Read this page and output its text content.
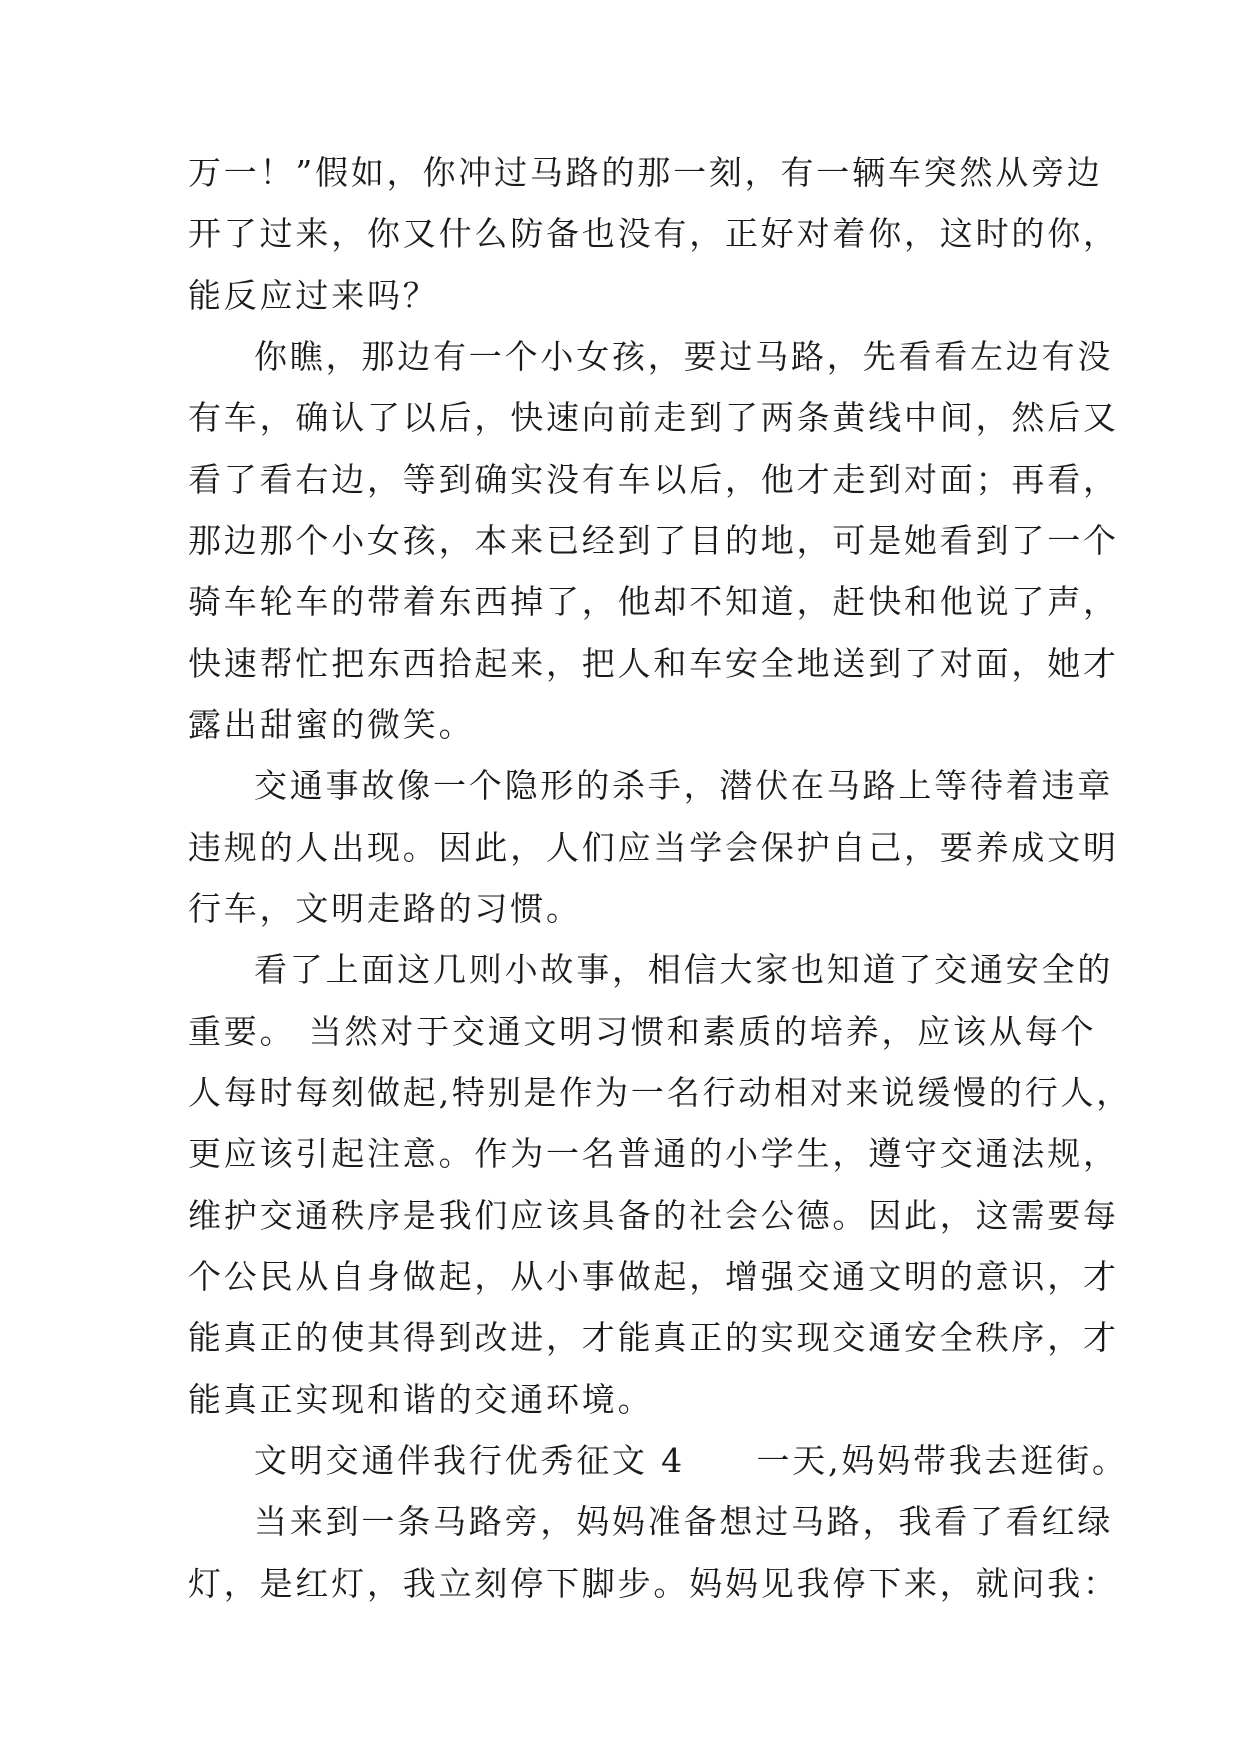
万一！”假如，你冲过马路的那一刻，有一辆车突然从旁边
开了过来，你又什么防备也没有，正好对着你，这时的你，
能反应过来吗？
你瞧，那边有一个小女孩，要过马路，先看看左边有没
有车，确认了以后，快速向前走到了两条黄线中间，然后又
看了看右边，等到确实没有车以后，他才走到对面；再看，
那边那个小女孩，本来已经到了目的地，可是她看到了一个
骑车轮车的带着东西掉了，他却不知道，赶快和他说了声，
快速帮忙把东西拾起来，把人和车安全地送到了对面，她才
露出甜蜜的微笑。
交通事故像一个隐形的杀手，潜伏在马路上等待着违章
违规的人出现。因此，人们应当学会保护自己，要养成文明
行车，文明走路的习惯。
看了上面这几则小故事，相信大家也知道了交通安全的
重要。 当然对于交通文明习惯和素质的培养，应该从每个
人每时每刻做起,特别是作为一名行动相对来说缓慢的行人，
更应该引起注意。作为一名普通的小学生，遵守交通法规，
维护交通秩序是我们应该具备的社会公德。因此，这需要每
个公民从自身做起，从小事做起，增强交通文明的意识，才
能真正的使其得到改进，才能真正的实现交通安全秩序，才
能真正实现和谐的交通环境。
文明交通伴我行优秀征文 4　　一天,妈妈带我去逛街。
当来到一条马路旁，妈妈准备想过马路，我看了看红绿
灯，是红灯，我立刻停下脚步。妈妈见我停下来，就问我：
